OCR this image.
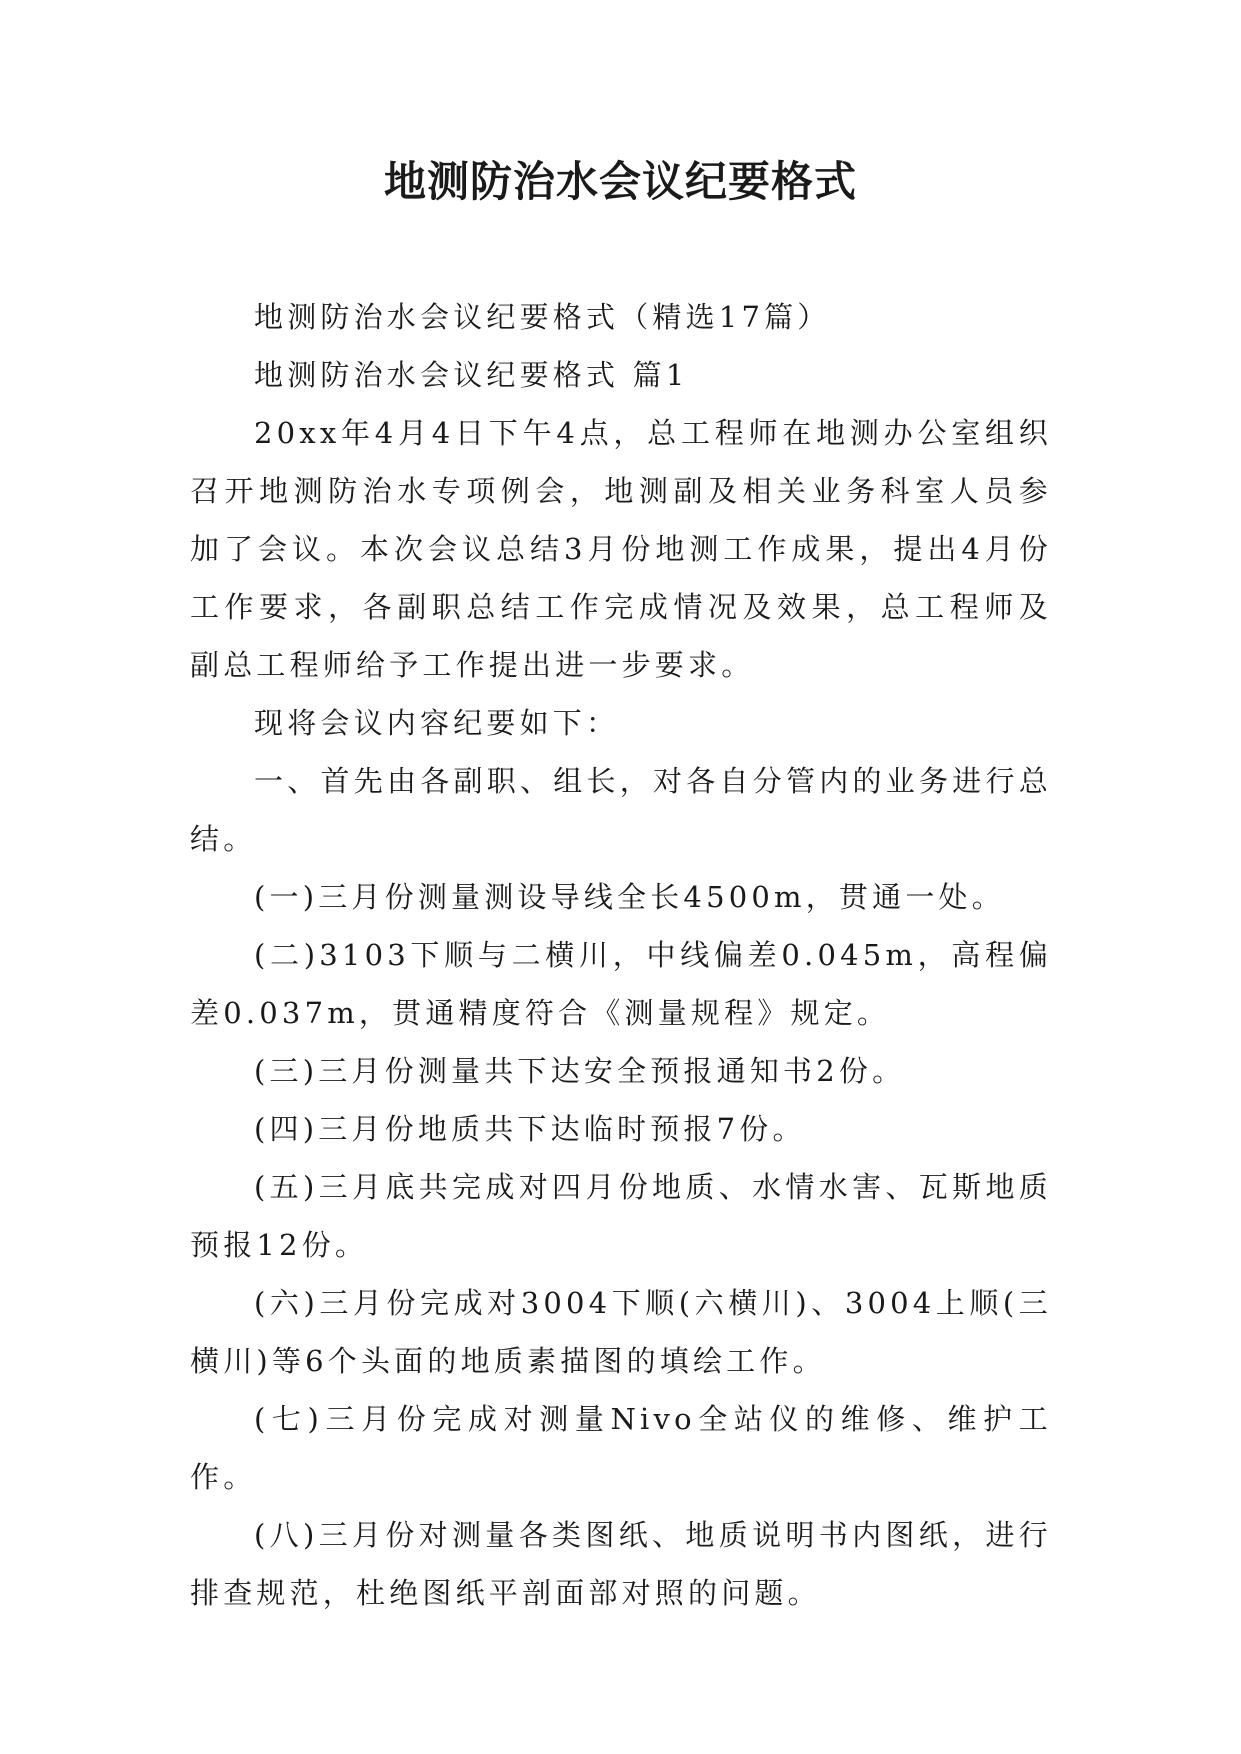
地测防治水会议纪要格式

地测防治水会议纪要格式（精选17篇）

地测防治水会议纪要格式 篇1

20xx年4月4日下午4点，总工程师在地测办公室组织召开地测防治水专项例会，地测副及相关业务科室人员参加了会议。本次会议总结3月份地测工作成果，提出4月份工作要求，各副职总结工作完成情况及效果，总工程师及副总工程师给予工作提出进一步要求。

现将会议内容纪要如下：

一、首先由各副职、组长，对各自分管内的业务进行总结。

(一)三月份测量测设导线全长4500m，贯通一处。

(二)3103下顺与二横川，中线偏差0.045m，高程偏差0.037m，贯通精度符合《测量规程》规定。

(三)三月份测量共下达安全预报通知书2份。

(四)三月份地质共下达临时预报7份。

(五)三月底共完成对四月份地质、水情水害、瓦斯地质预报12份。

(六)三月份完成对3004下顺(六横川)、3004上顺(三横川)等6个头面的地质素描图的填绘工作。

(七)三月份完成对测量Nivo全站仪的维修、维护工作。

(八)三月份对测量各类图纸、地质说明书内图纸，进行排查规范，杜绝图纸平剖面部对照的问题。
